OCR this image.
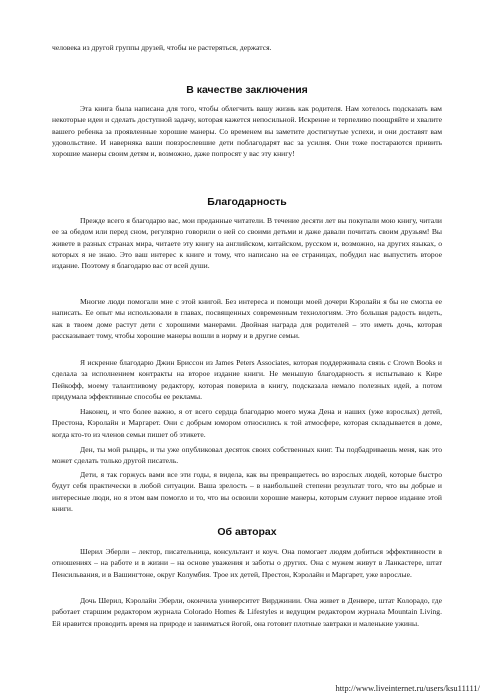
человека из другой группы друзей, чтобы не растеряться, держатся.

В качестве заключения

Эта книга была написана для того, чтобы облегчить вашу жизнь как родителя. Нам хотелось подсказать вам некоторые идеи и сделать доступной задачу, которая кажется непосильной. Искренне и терпеливо поощряйте и хвалите вашего ребенка за проявленные хорошие манеры. Со временем вы заметите достигнутые успехи, и они доставят вам удовольствие. И наверняка ваши повзрослевшие дети поблагодарят вас за усилия. Они тоже постараются привить хорошие манеры своим детям и, возможно, даже попросят у вас эту книгу!

Благодарность

Прежде всего я благодарю вас, мои преданные читатели. В течение десяти лет вы покупали мою книгу, читали ее за обедом или перед сном, регулярно говорили о ней со своими детьми и даже давали почитать своим друзьям! Вы живете в разных странах мира, читаете эту книгу на английском, китайском, русском и, возможно, на других языках, о которых я не знаю. Это ваш интерес к книге и тому, что написано на ее страницах, побудил нас выпустить второе издание. Поэтому я благодарю вас от всей души.

Многие люди помогали мне с этой книгой. Без интереса и помощи моей дочери Кэролайн я бы не смогла ее написать. Ее опыт мы использовали в главах, посвященных современным технологиям. Это большая радость видеть, как в твоем доме растут дети с хорошими манерами. Двойная награда для родителей – это иметь дочь, которая рассказывает тому, чтобы хорошие манеры вошли в норму и в другие семьи.

Я искренне благодарю Джин Бриссон из James Peters Associates, которая поддерживала связь с Crown Books и сделала за исполнением контракты на второе издание книги. Не меньшую благодарность я испытываю к Кире Пейкофф, моему талантливому редактору, которая поверила в книгу, подсказала немало полезных идей, а потом придумала эффективные способы ее рекламы.

Наконец, и что более важно, я от всего сердца благодарю моего мужа Дена и наших (уже взрослых) детей, Престона, Кэролайн и Маргарет. Они с добрым юмором относились к той атмосфере, которая складывается в доме, когда кто-то из членов семьи пишет об этикете.

Ден, ты мой рыцарь, и ты уже опубликовал десяток своих собственных книг. Ты подбадриваешь меня, как это может сделать только другой писатель.

Дети, я так горжусь вами все эти годы, я видела, как вы превращаетесь во взрослых людей, которые быстро будут себя практически в любой ситуации. Ваша зрелость – в наибольшей степени результат того, что вы добрые и интересные люди, но я этом вам помогло и то, что вы освоили хорошие манеры, которым служит первое издание этой книги.

Об авторах

Шерил Эберли – лектор, писательница, консультант и коуч. Она помогает людям добиться эффективности в отношениях – на работе и в жизни – на основе уважения и заботы о других. Она с мужем живут в Ланкастере, штат Пенсильвания, и в Вашингтоне, округ Колумбия. Трое их детей, Престон, Кэролайн и Маргарет, уже взрослые.

Дочь Шерил, Кэролайн Эберли, окончила университет Вирджинии. Она живет в Денвере, штат Колорадо, где работает старшим редактором журнала Colorado Homes & Lifestyles и ведущим редактором журнала Mountain Living. Ей нравится проводить время на природе и заниматься йогой, она готовит плотные завтраки и маленькие ужины.

http://www.liveinternet.ru/users/ksu11111/
